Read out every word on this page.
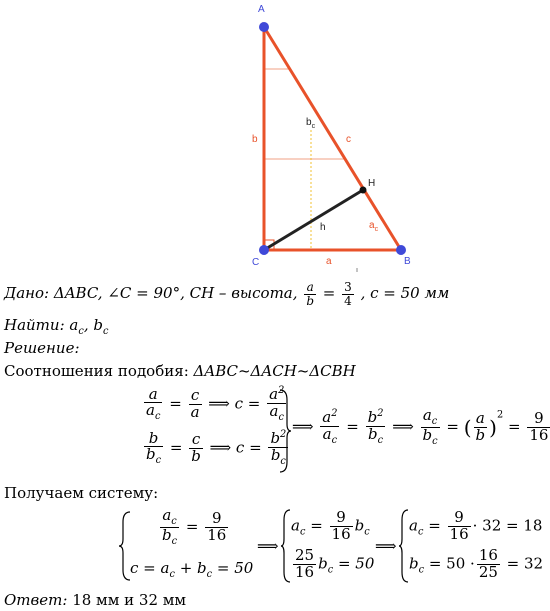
A
B
C
H
b	c
a
h
$b_c$
$a_c$
Дано: ΔABC, ∠C = 90°, CH – высота, $\frac{a}{b} = \frac{3}{4}$ , c = 50 мм
Найти: $a_c$, $b_c$
Решение:
Соотношения подобия: ΔABC~ΔACH~ΔCBH
$\frac{a}{a_c} = \frac{c}{a}$ ⟹ $c = \frac{a^2}{a_c}$
$\frac{b}{b_c} = \frac{c}{b}$ ⟹ $c = \frac{b^2}{b_c}$
⟹ $\frac{a^2}{a_c} = \frac{b^2}{b_c}$ ⟹ $\frac{a_c}{b_c}$ = ( $\frac{a}{b} )^2 = \frac{9}{16}$
Получаем систему:
$\frac{a_c}{b_c} = \frac{9}{16}$
$c = a_c + b_c = 50$
⟹
$a_c = \frac{9}{16} b_c$
$\frac{25}{16} b_c = 50$
⟹
$a_c = \frac{9}{16} \cdot 32 = 18$
$b_c = 50 \cdot \frac{16}{25} = 32$
Ответ: 18 мм и 32 мм
